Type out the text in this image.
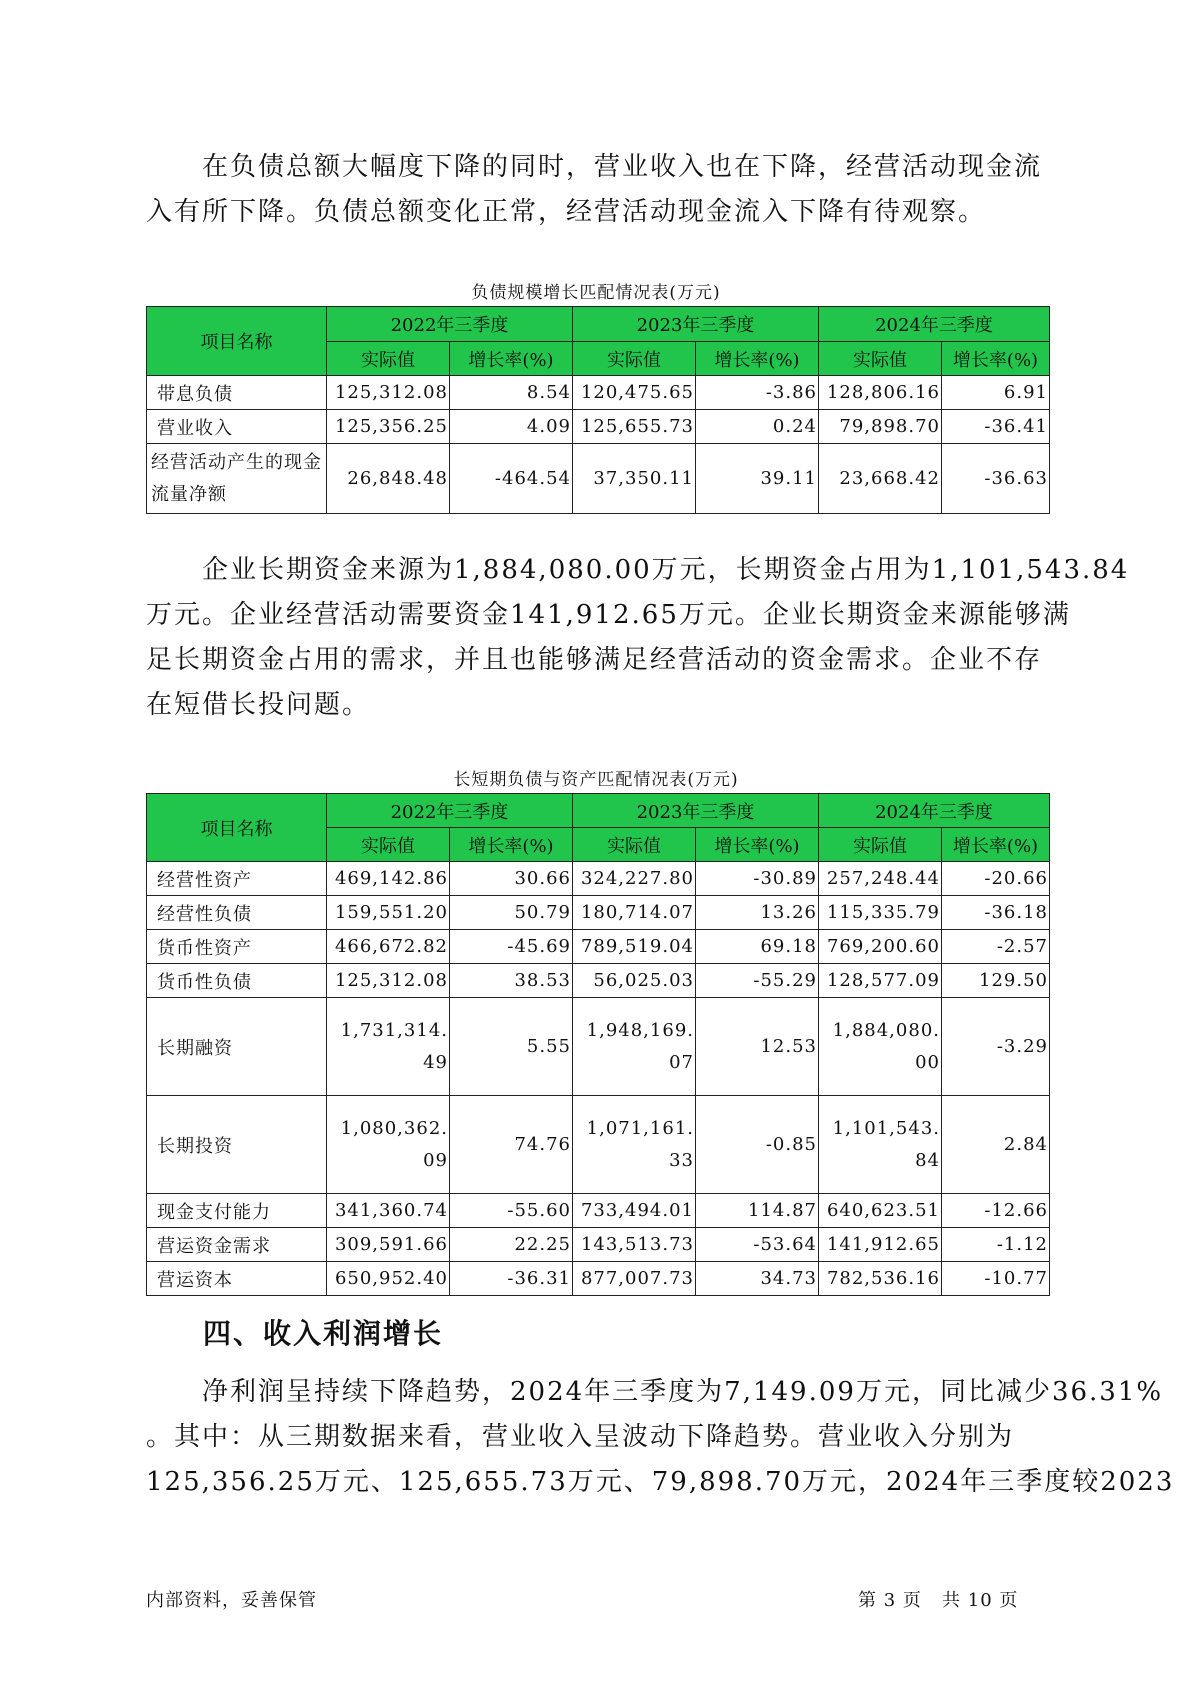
在负债总额大幅度下降的同时，营业收入也在下降，经营活动现金流
入有所下降。负债总额变化正常，经营活动现金流入下降有待观察。
负债规模增长匹配情况表(万元)
项目名称	2022年三季度		2023年三季度		2024年三季度	
	实际值	增长率(%)	实际值	增长率(%)	实际值	增长率(%)
带息负债	125,312.08	8.54	120,475.65	-3.86	128,806.16	6.91
营业收入	125,356.25	4.09	125,655.73	0.24	79,898.70	-36.41
经营活动产生的现金流量净额	26,848.48	-464.54	37,350.11	39.11	23,668.42	-36.63
企业长期资金来源为1,884,080.00万元，长期资金占用为1,101,543.84
万元。企业经营活动需要资金141,912.65万元。企业长期资金来源能够满
足长期资金占用的需求，并且也能够满足经营活动的资金需求。企业不存
在短借长投问题。
长短期负债与资产匹配情况表(万元)
项目名称	2022年三季度		2023年三季度		2024年三季度	
	实际值	增长率(%)	实际值	增长率(%)	实际值	增长率(%)
经营性资产	469,142.86	30.66	324,227.80	-30.89	257,248.44	-20.66
经营性负债	159,551.20	50.79	180,714.07	13.26	115,335.79	-36.18
货币性资产	466,672.82	-45.69	789,519.04	69.18	769,200.60	-2.57
货币性负债	125,312.08	38.53	56,025.03	-55.29	128,577.09	129.50
长期融资	1,731,314.49	5.55	1,948,169.07	12.53	1,884,080.00	-3.29
长期投资	1,080,362.09	74.76	1,071,161.33	-0.85	1,101,543.84	2.84
现金支付能力	341,360.74	-55.60	733,494.01	114.87	640,623.51	-12.66
营运资金需求	309,591.66	22.25	143,513.73	-53.64	141,912.65	-1.12
营运资本	650,952.40	-36.31	877,007.73	34.73	782,536.16	-10.77
四、收入利润增长
净利润呈持续下降趋势，2024年三季度为7,149.09万元，同比减少36.31%
。其中：从三期数据来看，营业收入呈波动下降趋势。营业收入分别为
125,356.25万元、125,655.73万元、79,898.70万元，2024年三季度较2023
内部资料，妥善保管	第 3 页   共 10 页
